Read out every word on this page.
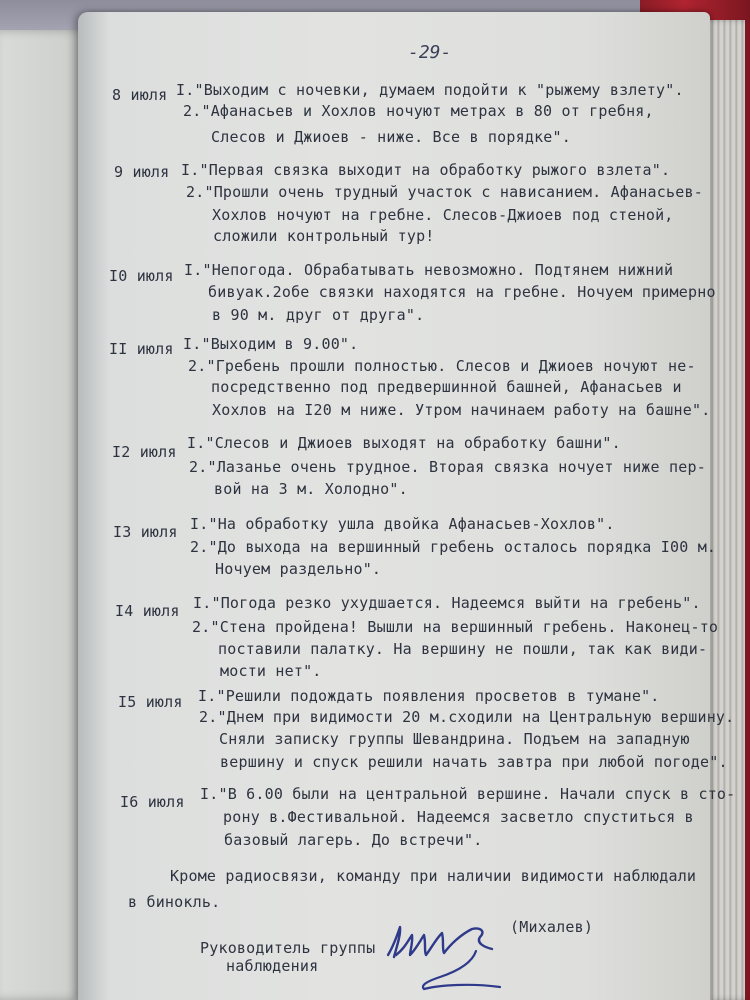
-29-
8 июля I."Выходим с ночевки, думаем подойти к "рыжему взлету".
2."Афанасьев и Хохлов ночуют метрах в 80 от гребня,
Слесов и Джиоев - ниже. Все в порядке".
9 июля I."Первая связка выходит на обработку рыжого взлета".
2."Прошли очень трудный участок с нависанием. Афанасьев-
Хохлов ночуют на гребне. Слесов-Джиоев под стеной,
сложили контрольный тур!
I0 июля I."Непогода. Обрабатывать невозможно. Подтянем нижний
бивуак.2обе связки находятся на гребне. Ночуем примерно
в 90 м. друг от друга".
II июля I."Выходим в 9.00".
2."Гребень прошли полностью. Слесов и Джиоев ночуют не-
посредственно под предвершинной башней, Афанасьев и
Хохлов на I20 м ниже. Утром начинаем работу на башне".
I2 июля I."Слесов и Джиоев выходят на обработку башни".
2."Лазанье очень трудное. Вторая связка ночует ниже пер-
вой на 3 м. Холодно".
I3 июля I."На обработку ушла двойка Афанасьев-Хохлов".
2."До выхода на вершинный гребень осталось порядка I00 м.
Ночуем раздельно".
I4 июля I."Погода резко ухудшается. Надеемся выйти на гребень".
2."Стена пройдена! Вышли на вершинный гребень. Наконец-то
поставили палатку. На вершину не пошли, так как види-
мости нет".
I5 июля I."Решили подождать появления просветов в тумане".
2."Днем при видимости 20 м.сходили на Центральную вершину.
Сняли записку группы Шевандрина. Подъем на западную
вершину и спуск решили начать завтра при любой погоде".
I6 июля I."В 6.00 были на центральной вершине. Начали спуск в сто-
рону в.Фестивальной. Надеемся засветло спуститься в
базовый лагерь. До встречи".
Кроме радиосвязи, команду при наличии видимости наблюдали
в бинокль.
Руководитель группы
наблюдения
(Михалев)
